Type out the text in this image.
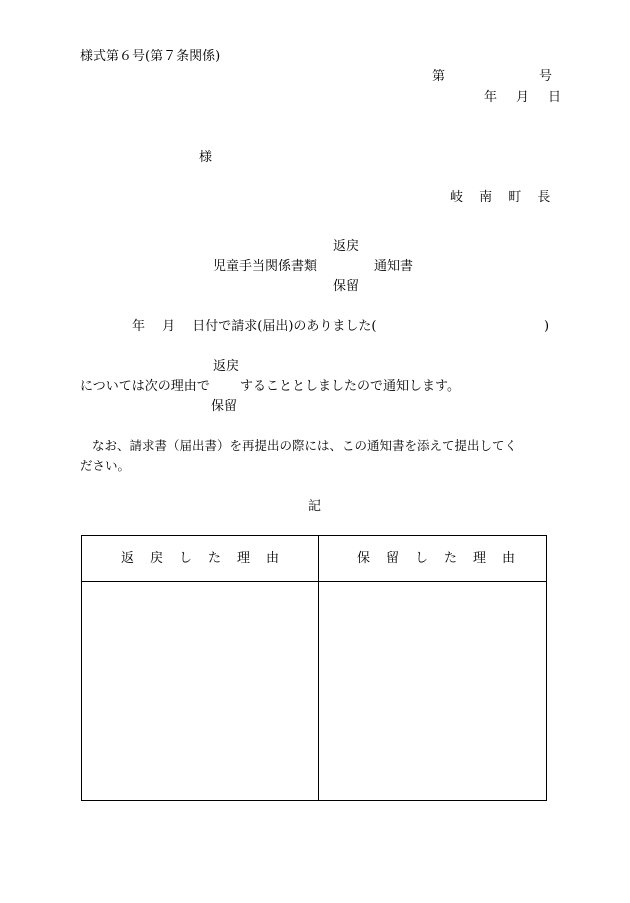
様式第６号(第７条関係)
第	号
年　月　日
様
岐 南 町 長
返戻
児童手当関係書類	通知書
保留
年　 月　 日付で請求(届出)のありました(	)
返戻
については次の理由で することとしましたので通知します。
保留
なお、請求書（届出書）を再提出の際には、この通知書を添えて提出してく
ださい。
記
返戻した理由	保留した理由
